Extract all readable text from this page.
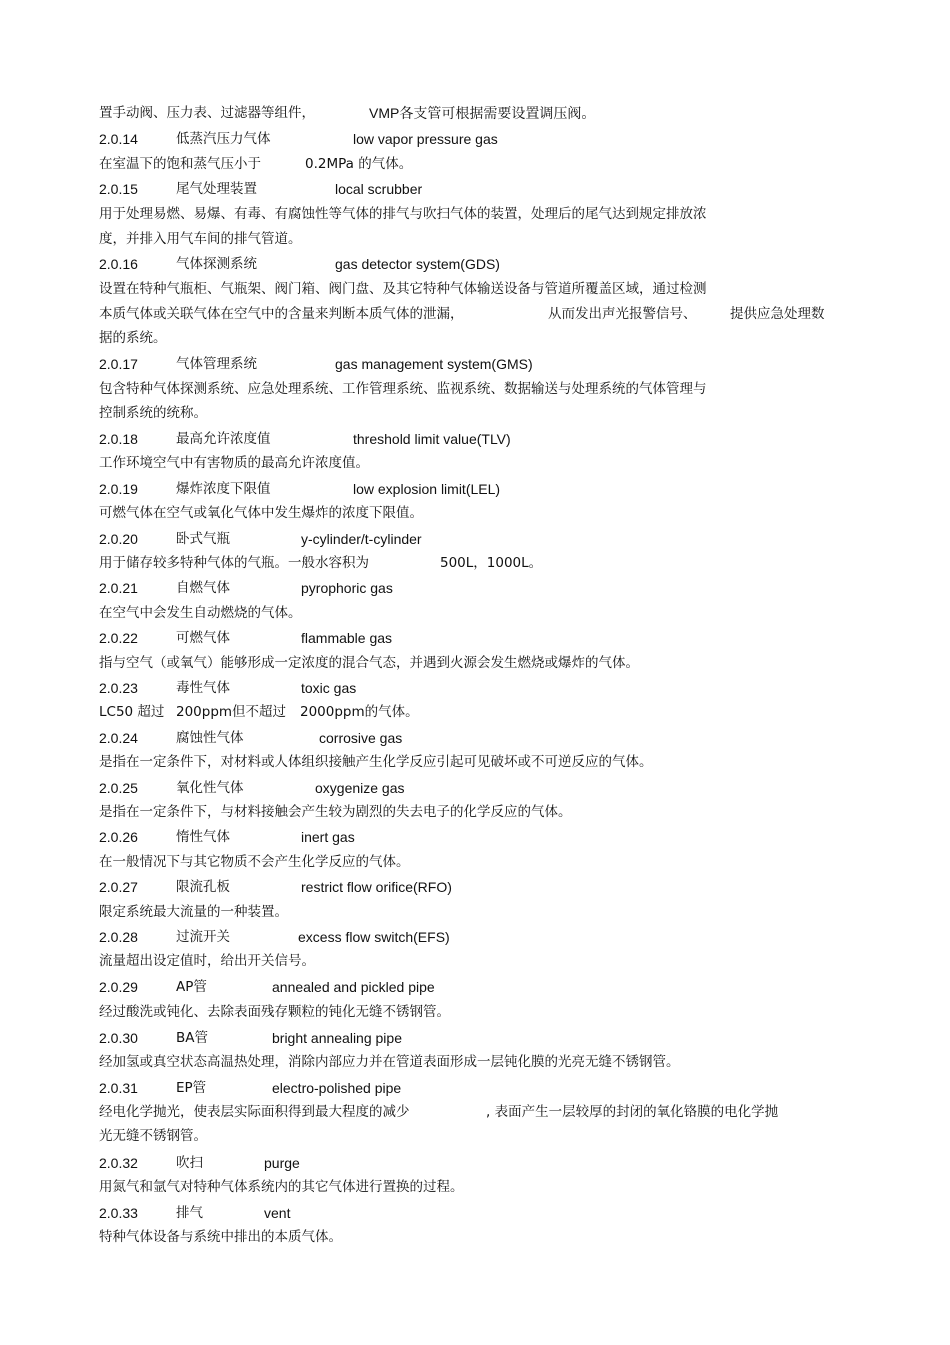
置手动阀、压力表、过滤器等组件，	VMP各支管可根据需要设置调压阀。
2.0.14	低蒸汽压力气体	low vapor pressure gas
在室温下的饱和蒸气压小于	0.2MPa 的气体。
2.0.15	尾气处理装置	local scrubber
用于处理易燃、易爆、有毒、有腐蚀性等气体的排气与吹扫气体的装置，处理后的尾气达到规定排放浓
度，并排入用气车间的排气管道。
2.0.16	气体探测系统	gas detector system(GDS)
设置在特种气瓶柜、气瓶架、阀门箱、阀门盘、及其它特种气体输送设备与管道所覆盖区域，通过检测
本质气体或关联气体在空气中的含量来判断本质气体的泄漏，	从而发出声光报警信号、 提供应急处理数
据的系统。
2.0.17	气体管理系统	gas management system(GMS)
包含特种气体探测系统、应急处理系统、工作管理系统、监视系统、数据输送与处理系统的气体管理与
控制系统的统称。
2.0.18	最高允许浓度值	threshold limit value(TLV)
工作环境空气中有害物质的最高允许浓度值。
2.0.19	爆炸浓度下限值	low explosion limit(LEL)
可燃气体在空气或氧化气体中发生爆炸的浓度下限值。
2.0.20	卧式气瓶	y-cylinder/t-cylinder
用于储存较多特种气体的气瓶。一般水容积为	500L，1000L。
2.0.21	自燃气体	pyrophoric gas
在空气中会发生自动燃烧的气体。
2.0.22	可燃气体	flammable gas
指与空气（或氧气）能够形成一定浓度的混合气态，并遇到火源会发生燃烧或爆炸的气体。
2.0.23	毒性气体	toxic gas
LC50 超过 200ppm但不超过 2000ppm的气体。
2.0.24	腐蚀性气体	corrosive gas
是指在一定条件下，对材料或人体组织接触产生化学反应引起可见破坏或不可逆反应的气体。
2.0.25	氧化性气体	oxygenize gas
是指在一定条件下，与材料接触会产生较为剧烈的失去电子的化学反应的气体。
2.0.26	惰性气体	inert gas
在一般情况下与其它物质不会产生化学反应的气体。
2.0.27	限流孔板	restrict flow orifice(RFO)
限定系统最大流量的一种装置。
2.0.28	过流开关	excess flow switch(EFS)
流量超出设定值时，给出开关信号。
2.0.29	AP管	annealed and pickled pipe
经过酸洗或钝化、去除表面残存颗粒的钝化无缝不锈钢管。
2.0.30	BA管	bright annealing pipe
经加氢或真空状态高温热处理，消除内部应力并在管道表面形成一层钝化膜的光亮无缝不锈钢管。
2.0.31	EP管	electro-polished pipe
经电化学抛光，使表层实际面积得到最大程度的减少	, 表面产生一层较厚的封闭的氧化铬膜的电化学抛
光无缝不锈钢管。
2.0.32	吹扫	purge
用氮气和氩气对特种气体系统内的其它气体进行置换的过程。
2.0.33	排气	vent
特种气体设备与系统中排出的本质气体。
